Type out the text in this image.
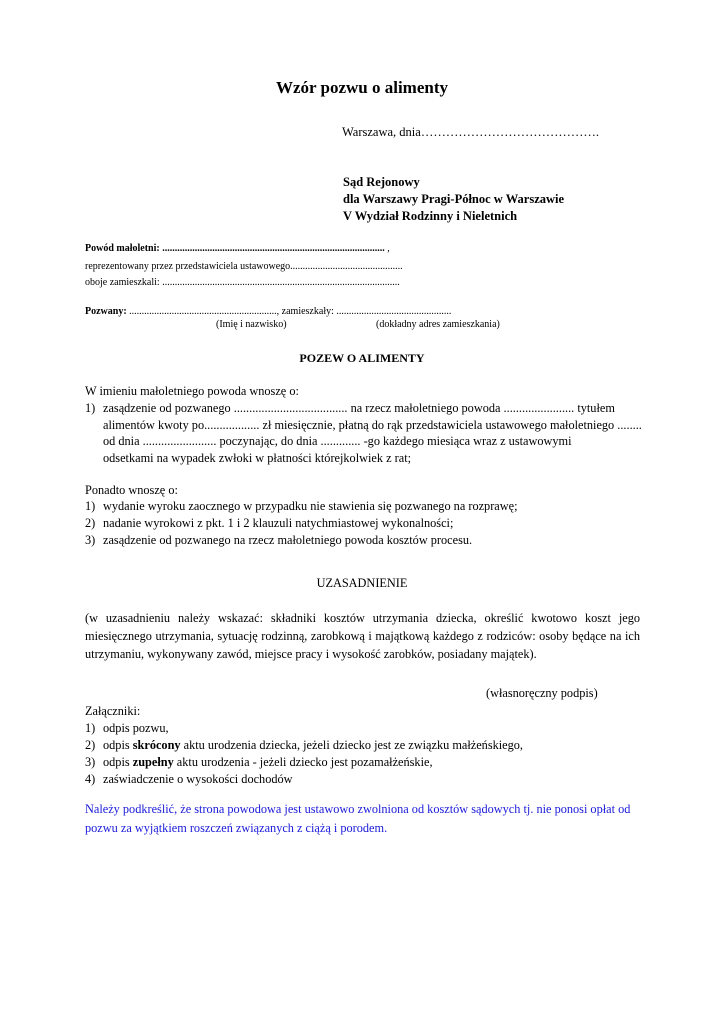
Wzór pozwu o alimenty
Warszawa, dnia…………………………………….
Sąd Rejonowy
dla Warszawy Pragi-Północ w Warszawie
V Wydział Rodzinny i Nieletnich
Powód małoletni: ......................................................................................... ,
reprezentowany przez przedstawiciela ustawowego.............................................
oboje zamieszkali: ...............................................................................................
Pozwany: ..........................................................., zamieszkały: ..............................................
(Imię i nazwisko)	(dokładny adres zamieszkania)
POZEW O ALIMENTY
W imieniu małoletniego powoda wnoszę o:
1) zasądzenie od pozwanego ..................................... na rzecz małoletniego powoda ....................... tytułem
alimentów kwoty po.................. zł miesięcznie, płatną do rąk przedstawiciela ustawowego małoletniego ........
od dnia ........................ poczynając, do dnia ............. -go każdego miesiąca wraz z ustawowymi
odsetkami na wypadek zwłoki w płatności którejkolwiek z rat;
Ponadto wnoszę o:
1) wydanie wyroku zaocznego w przypadku nie stawienia się pozwanego na rozprawę;
2) nadanie wyrokowi z pkt. 1 i 2 klauzuli natychmiastowej wykonalności;
3) zasądzenie od pozwanego na rzecz małoletniego powoda kosztów procesu.
UZASADNIENIE
(w uzasadnieniu należy wskazać: składniki kosztów utrzymania dziecka, określić kwotowo koszt jego miesięcznego utrzymania, sytuację rodzinną, zarobkową i majątkową każdego z rodziców: osoby będące na ich utrzymaniu, wykonywany zawód, miejsce pracy i wysokość zarobków, posiadany majątek).
(własnoręczny podpis)
Załączniki:
1) odpis pozwu,
2) odpis skrócony aktu urodzenia dziecka, jeżeli dziecko jest ze związku małżeńskiego,
3) odpis zupełny aktu urodzenia - jeżeli dziecko jest pozamałżeńskie,
4) zaświadczenie o wysokości dochodów
Należy podkreślić, że strona powodowa jest ustawowo zwolniona od kosztów sądowych tj. nie ponosi opłat od pozwu za wyjątkiem roszczeń związanych z ciążą i porodem.
